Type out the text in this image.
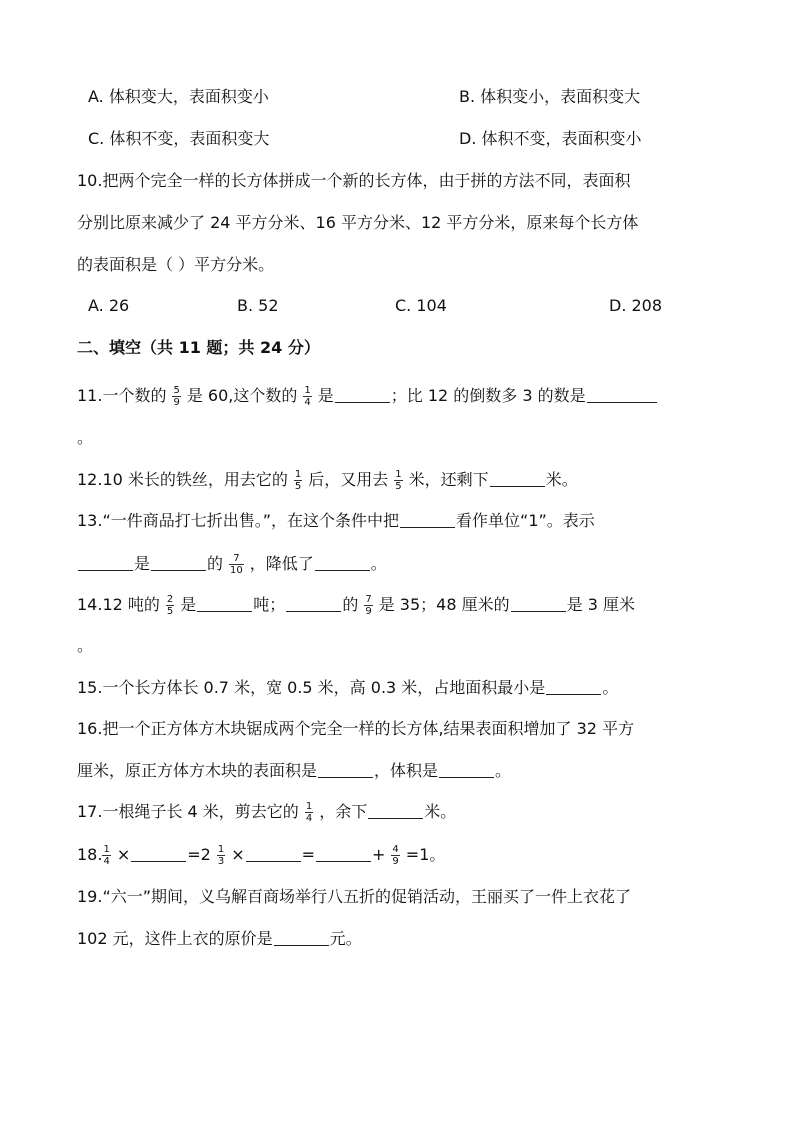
A. 体积变大，表面积变小	B. 体积变小，表面积变大
C. 体积不变，表面积变大	D. 体积不变，表面积变小
10.把两个完全一样的长方体拼成一个新的长方体，由于拼的方法不同，表面积
分别比原来减少了 24 平方分米、16 平方分米、12 平方分米，原来每个长方体
的表面积是（ ）平方分米。
A. 26	B. 52	C. 104	D. 208
二、填空（共 11 题；共 24 分）
11.一个数的 $\frac{5}{9}$ 是 60,这个数的 $\frac{1}{4}$ 是	；比 12 的倒数多 3 的数是
。
12.10 米长的铁丝，用去它的 $\frac{1}{5}$ 后，又用去 $\frac{1}{5}$ 米，还剩下	米。
13.“一件商品打七折出售。”，在这个条件中把	看作单位“1”。表示
是	的 $\frac{7}{10}$ ，降低了	。
14.12 吨的 $\frac{2}{5}$ 是	吨；	的 $\frac{7}{9}$ 是 35；48 厘米的	是 3 厘米
。
15.一个长方体长 0.7 米，宽 0.5 米，高 0.3 米，占地面积最小是	。
16.把一个正方体方木块锯成两个完全一样的长方体,结果表面积增加了 32 平方
厘米，原正方体方木块的表面积是	，体积是	。
17.一根绳子长 4 米，剪去它的 $\frac{1}{4}$ ，余下	米。
18. $\frac{1}{4}$ ×	$=2 \frac{1}{3}$ ×	=	+ $\frac{4}{9} =1$。
19.“六一”期间，义乌解百商场举行八五折的促销活动，王丽买了一件上衣花了
102 元，这件上衣的原价是	元。
